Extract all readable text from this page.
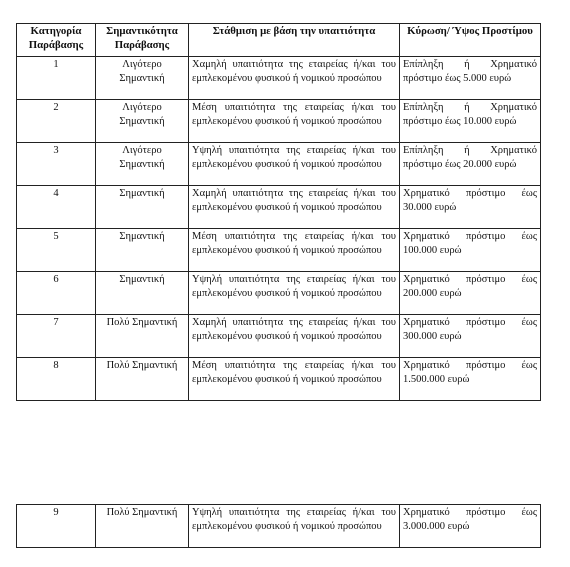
Κατηγορία Παράβασης	Σημαντικότητα Παράβασης	Στάθμιση με βάση την υπαιτιότητα	Κύρωση/ Ύψος Προστίμου
1	Λιγότερο Σημαντική	Χαμηλή υπαιτιότητα της εταιρείας ή/και του εμπλεκομένου φυσικού ή νομικού προσώπου	Επίπληξη ή Χρηματικό πρόστιμο έως 5.000 ευρώ
2	Λιγότερο Σημαντική	Μέση υπαιτιότητα της εταιρείας ή/και του εμπλεκομένου φυσικού ή νομικού προσώπου	Επίπληξη ή Χρηματικό πρόστιμο έως 10.000 ευρώ
3	Λιγότερο Σημαντική	Υψηλή υπαιτιότητα της εταιρείας ή/και του εμπλεκομένου φυσικού ή νομικού προσώπου	Επίπληξη ή Χρηματικό πρόστιμο έως 20.000 ευρώ
4	Σημαντική	Χαμηλή υπαιτιότητα της εταιρείας ή/και του εμπλεκομένου φυσικού ή νομικού προσώπου	Χρηματικό πρόστιμο έως 30.000 ευρώ
5	Σημαντική	Μέση υπαιτιότητα της εταιρείας ή/και του εμπλεκομένου φυσικού ή νομικού προσώπου	Χρηματικό πρόστιμο έως 100.000 ευρώ
6	Σημαντική	Υψηλή υπαιτιότητα της εταιρείας ή/και του εμπλεκομένου φυσικού ή νομικού προσώπου	Χρηματικό πρόστιμο έως 200.000 ευρώ
7	Πολύ Σημαντική	Χαμηλή υπαιτιότητα της εταιρείας ή/και του εμπλεκομένου φυσικού ή νομικού προσώπου	Χρηματικό πρόστιμο έως 300.000 ευρώ
8	Πολύ Σημαντική	Μέση υπαιτιότητα της εταιρείας ή/και του εμπλεκομένου φυσικού ή νομικού προσώπου	Χρηματικό πρόστιμο έως 1.500.000 ευρώ
9	Πολύ Σημαντική	Υψηλή υπαιτιότητα της εταιρείας ή/και του εμπλεκομένου φυσικού ή νομικού προσώπου	Χρηματικό πρόστιμο έως 3.000.000 ευρώ
